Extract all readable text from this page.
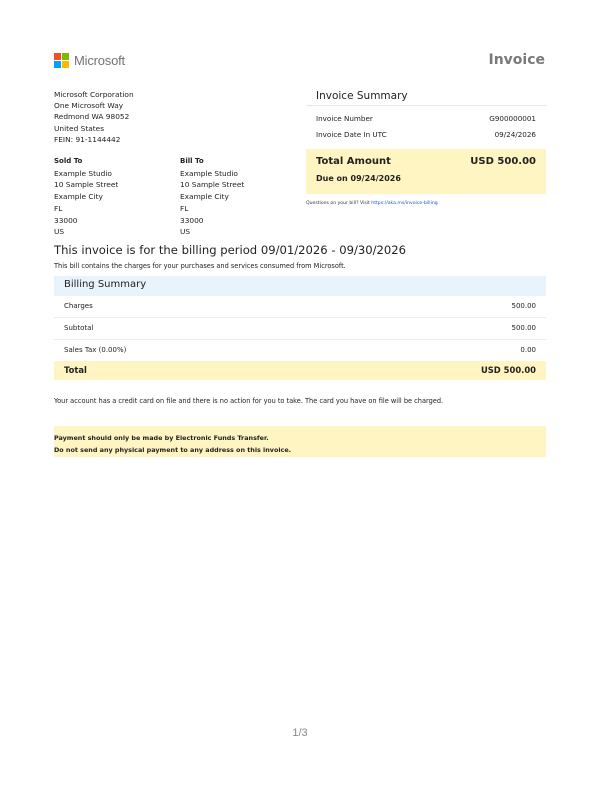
Microsoft	Invoice
Microsoft Corporation
One Microsoft Way
Redmond WA 98052
United States
FEIN: 91-1144442
Invoice Summary
Invoice Number	G900000001
Invoice Date In UTC	09/24/2026
Total Amount	USD 500.00
Due on 09/24/2026
Questions on your bill? Visit https://aka.ms/invoice-billing
Sold To
Example Studio
10 Sample Street
Example City
FL
33000
US
Bill To
Example Studio
10 Sample Street
Example City
FL
33000
US
This invoice is for the billing period 09/01/2026 - 09/30/2026
This bill contains the charges for your purchases and services consumed from Microsoft.
Billing Summary
Charges	500.00
Subtotal	500.00
Sales Tax (0.00%)	0.00
Total	USD 500.00
Your account has a credit card on file and there is no action for you to take. The card you have on file will be charged.
Payment should only be made by Electronic Funds Transfer.
Do not send any physical payment to any address on this invoice.
1/3
